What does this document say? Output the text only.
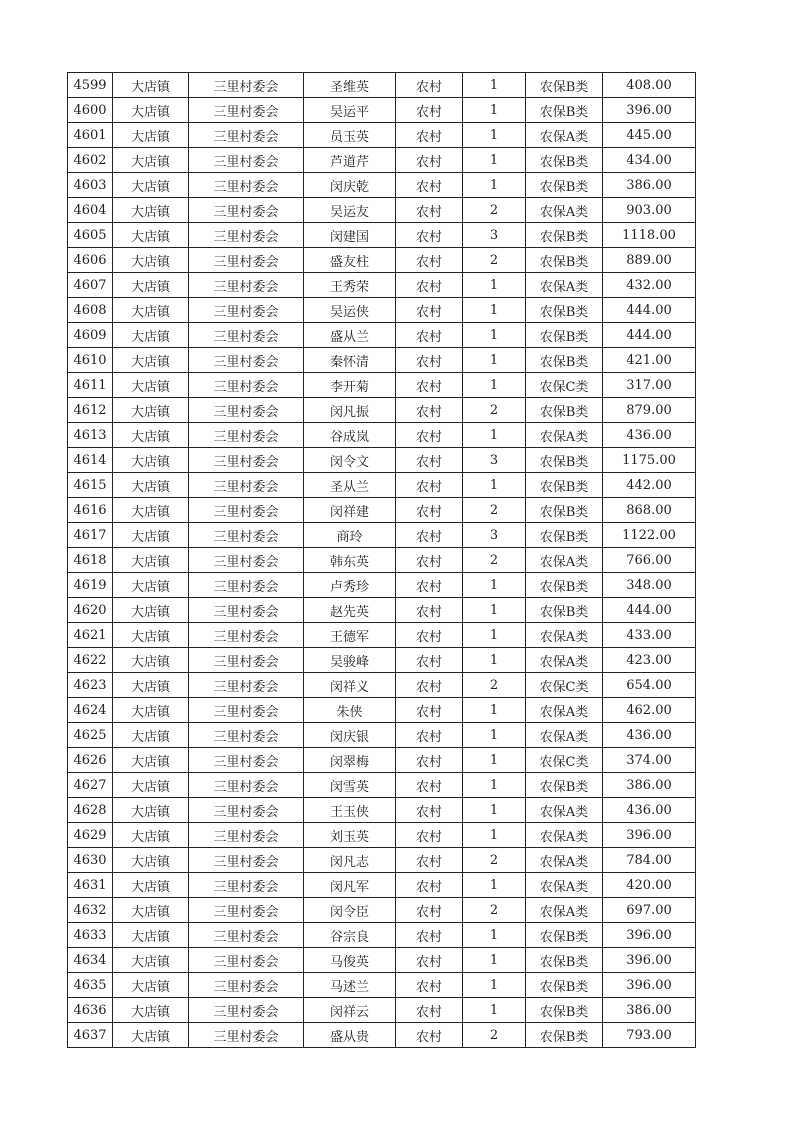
4599	大店镇	三里村委会	圣维英	农村	1	农保B类	408.00
4600	大店镇	三里村委会	吴运平	农村	1	农保B类	396.00
4601	大店镇	三里村委会	员玉英	农村	1	农保A类	445.00
4602	大店镇	三里村委会	芦道芹	农村	1	农保B类	434.00
4603	大店镇	三里村委会	闵庆乾	农村	1	农保B类	386.00
4604	大店镇	三里村委会	吴运友	农村	2	农保A类	903.00
4605	大店镇	三里村委会	闵建国	农村	3	农保B类	1118.00
4606	大店镇	三里村委会	盛友柱	农村	2	农保B类	889.00
4607	大店镇	三里村委会	王秀荣	农村	1	农保A类	432.00
4608	大店镇	三里村委会	吴运侠	农村	1	农保B类	444.00
4609	大店镇	三里村委会	盛从兰	农村	1	农保B类	444.00
4610	大店镇	三里村委会	秦怀清	农村	1	农保B类	421.00
4611	大店镇	三里村委会	李开菊	农村	1	农保C类	317.00
4612	大店镇	三里村委会	闵凡振	农村	2	农保B类	879.00
4613	大店镇	三里村委会	谷成岚	农村	1	农保A类	436.00
4614	大店镇	三里村委会	闵令文	农村	3	农保B类	1175.00
4615	大店镇	三里村委会	圣从兰	农村	1	农保B类	442.00
4616	大店镇	三里村委会	闵祥建	农村	2	农保B类	868.00
4617	大店镇	三里村委会	商玲	农村	3	农保B类	1122.00
4618	大店镇	三里村委会	韩东英	农村	2	农保A类	766.00
4619	大店镇	三里村委会	卢秀珍	农村	1	农保B类	348.00
4620	大店镇	三里村委会	赵先英	农村	1	农保B类	444.00
4621	大店镇	三里村委会	王德军	农村	1	农保A类	433.00
4622	大店镇	三里村委会	吴骏峰	农村	1	农保A类	423.00
4623	大店镇	三里村委会	闵祥义	农村	2	农保C类	654.00
4624	大店镇	三里村委会	朱侠	农村	1	农保A类	462.00
4625	大店镇	三里村委会	闵庆银	农村	1	农保A类	436.00
4626	大店镇	三里村委会	闵翠梅	农村	1	农保C类	374.00
4627	大店镇	三里村委会	闵雪英	农村	1	农保B类	386.00
4628	大店镇	三里村委会	王玉侠	农村	1	农保A类	436.00
4629	大店镇	三里村委会	刘玉英	农村	1	农保A类	396.00
4630	大店镇	三里村委会	闵凡志	农村	2	农保A类	784.00
4631	大店镇	三里村委会	闵凡军	农村	1	农保A类	420.00
4632	大店镇	三里村委会	闵令臣	农村	2	农保A类	697.00
4633	大店镇	三里村委会	谷宗良	农村	1	农保B类	396.00
4634	大店镇	三里村委会	马俊英	农村	1	农保B类	396.00
4635	大店镇	三里村委会	马述兰	农村	1	农保B类	396.00
4636	大店镇	三里村委会	闵祥云	农村	1	农保B类	386.00
4637	大店镇	三里村委会	盛从贵	农村	2	农保B类	793.00
